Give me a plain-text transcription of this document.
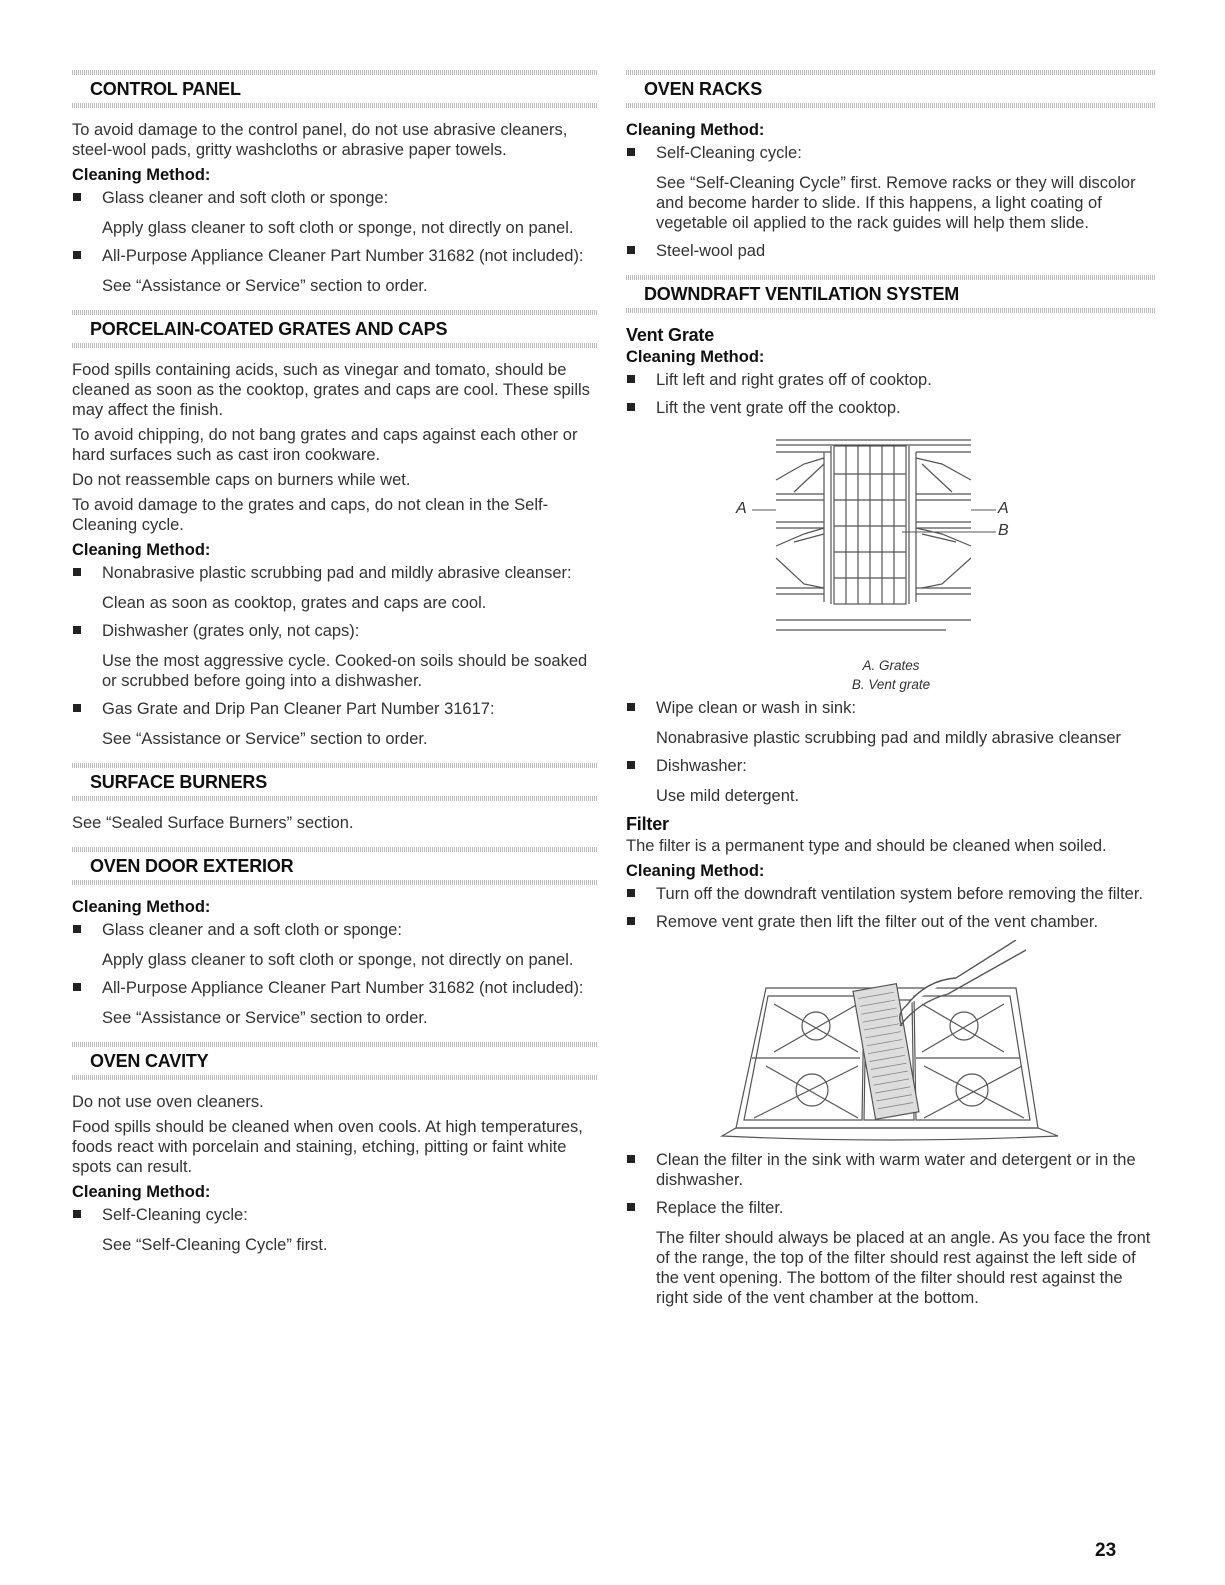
CONTROL PANEL

To avoid damage to the control panel, do not use abrasive cleaners, steel-wool pads, gritty washcloths or abrasive paper towels.

Cleaning Method:
Glass cleaner and soft cloth or sponge:
Apply glass cleaner to soft cloth or sponge, not directly on panel.
All-Purpose Appliance Cleaner Part Number 31682 (not included):
See “Assistance or Service” section to order.
PORCELAIN-COATED GRATES AND CAPS

Food spills containing acids, such as vinegar and tomato, should be cleaned as soon as the cooktop, grates and caps are cool. These spills may affect the finish.

To avoid chipping, do not bang grates and caps against each other or hard surfaces such as cast iron cookware.

Do not reassemble caps on burners while wet.

To avoid damage to the grates and caps, do not clean in the Self-Cleaning cycle.

Cleaning Method:
Nonabrasive plastic scrubbing pad and mildly abrasive cleanser:
Clean as soon as cooktop, grates and caps are cool.
Dishwasher (grates only, not caps):
Use the most aggressive cycle. Cooked-on soils should be soaked or scrubbed before going into a dishwasher.
Gas Grate and Drip Pan Cleaner Part Number 31617:
See “Assistance or Service” section to order.
SURFACE BURNERS

See “Sealed Surface Burners” section.

OVEN DOOR EXTERIOR
Cleaning Method:
Glass cleaner and a soft cloth or sponge:
Apply glass cleaner to soft cloth or sponge, not directly on panel.
All-Purpose Appliance Cleaner Part Number 31682 (not included):
See “Assistance or Service” section to order.
OVEN CAVITY

Do not use oven cleaners.

Food spills should be cleaned when oven cools. At high temperatures, foods react with porcelain and staining, etching, pitting or faint white spots can result.

Cleaning Method:
Self-Cleaning cycle:
See “Self-Cleaning Cycle” first.
OVEN RACKS
Cleaning Method:
Self-Cleaning cycle:
See “Self-Cleaning Cycle” first. Remove racks or they will discolor and become harder to slide. If this happens, a light coating of vegetable oil applied to the rack guides will help them slide.
Steel-wool pad
DOWNDRAFT VENTILATION SYSTEM
Vent Grate
Cleaning Method:
Lift left and right grates off of cooktop.
Lift the vent grate off the cooktop.
A	A
B
A. Grates
B. Vent grate
Wipe clean or wash in sink:
Nonabrasive plastic scrubbing pad and mildly abrasive cleanser
Dishwasher:
Use mild detergent.
Filter

The filter is a permanent type and should be cleaned when soiled.

Cleaning Method:
Turn off the downdraft ventilation system before removing the filter.
Remove vent grate then lift the filter out of the vent chamber.
Clean the filter in the sink with warm water and detergent or in the dishwasher.
Replace the filter.
The filter should always be placed at an angle. As you face the front of the range, the top of the filter should rest against the left side of the vent opening. The bottom of the filter should rest against the right side of the vent chamber at the bottom.
23
